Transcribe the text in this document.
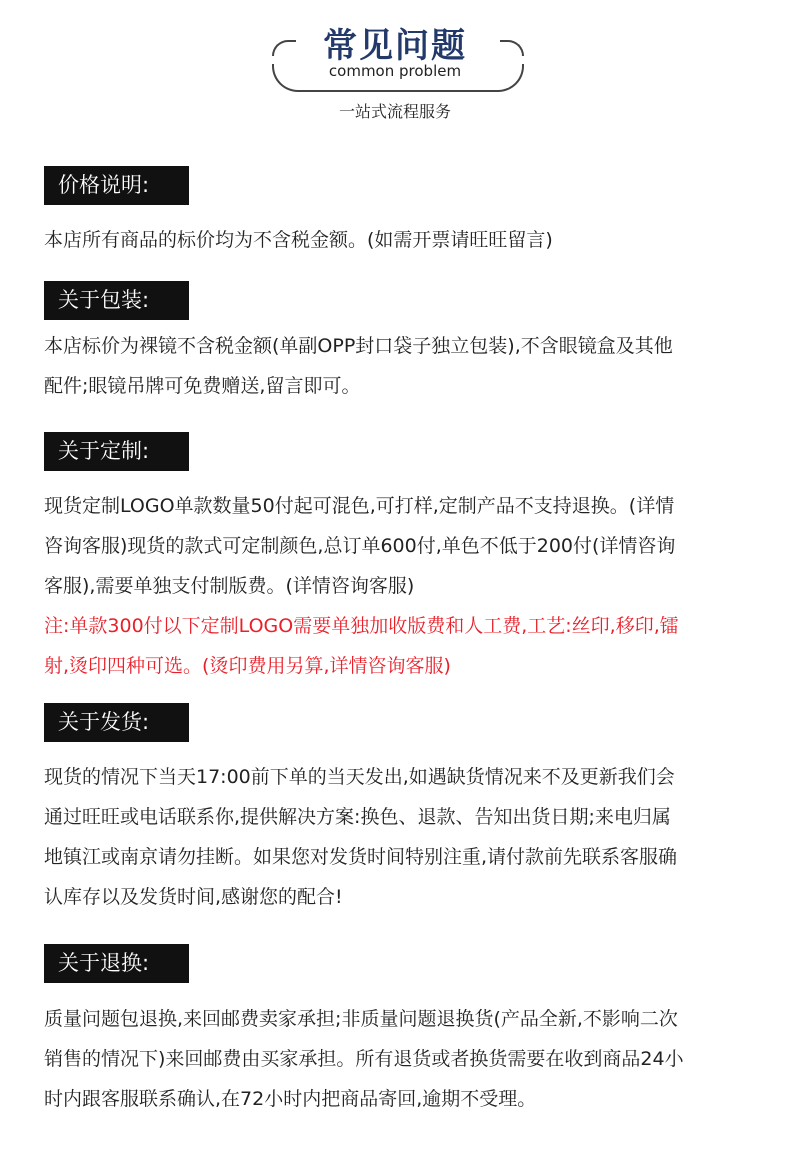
常见问题
common problem
一站式流程服务
价格说明:
本店所有商品的标价均为不含税金额。(如需开票请旺旺留言)
关于包装:
本店标价为裸镜不含税金额(单副OPP封口袋子独立包装),不含眼镜盒及其他
配件;眼镜吊牌可免费赠送,留言即可。
关于定制:
现货定制LOGO单款数量50付起可混色,可打样,定制产品不支持退换。(详情
咨询客服)现货的款式可定制颜色,总订单600付,单色不低于200付(详情咨询
客服),需要单独支付制版费。(详情咨询客服)
注:单款300付以下定制LOGO需要单独加收版费和人工费,工艺:丝印,移印,镭
射,烫印四种可选。(烫印费用另算,详情咨询客服)
关于发货:
现货的情况下当天17:00前下单的当天发出,如遇缺货情况来不及更新我们会
通过旺旺或电话联系你,提供解决方案:换色、退款、告知出货日期;来电归属
地镇江或南京请勿挂断。如果您对发货时间特别注重,请付款前先联系客服确
认库存以及发货时间,感谢您的配合!
关于退换:
质量问题包退换,来回邮费卖家承担;非质量问题退换货(产品全新,不影响二次
销售的情况下)来回邮费由买家承担。所有退货或者换货需要在收到商品24小
时内跟客服联系确认,在72小时内把商品寄回,逾期不受理。
